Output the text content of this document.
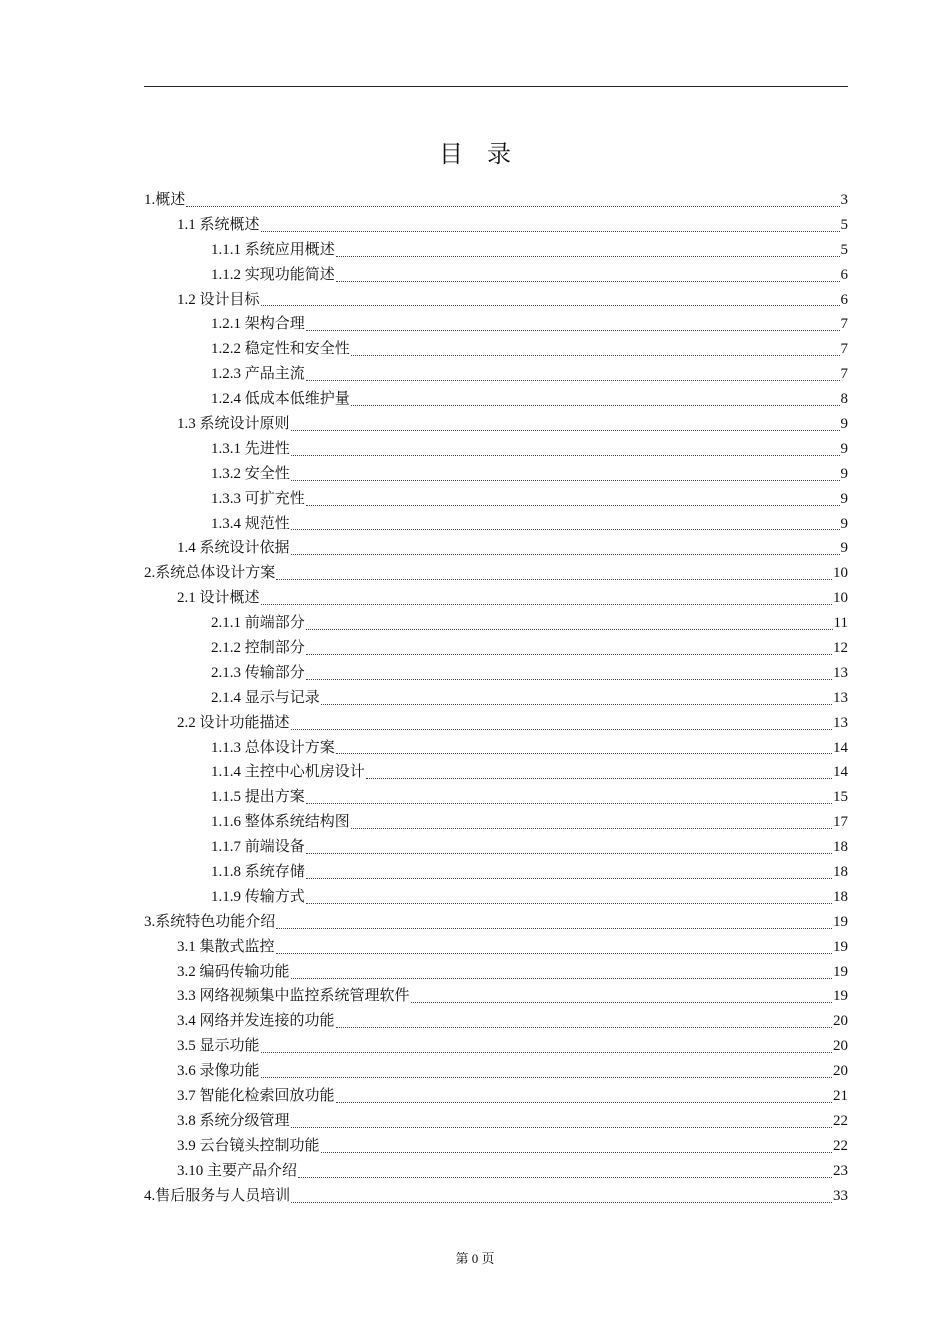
目　录
1.概述	3
1.1 系统概述	5
1.1.1 系统应用概述	5
1.1.2 实现功能简述	6
1.2 设计目标	6
1.2.1 架构合理	7
1.2.2 稳定性和安全性	7
1.2.3 产品主流	7
1.2.4 低成本低维护量	8
1.3 系统设计原则	9
1.3.1 先进性	9
1.3.2 安全性	9
1.3.3 可扩充性	9
1.3.4 规范性	9
1.4 系统设计依据	9
2.系统总体设计方案	10
2.1 设计概述	10
2.1.1 前端部分	11
2.1.2 控制部分	12
2.1.3 传输部分	13
2.1.4 显示与记录	13
2.2 设计功能描述	13
1.1.3 总体设计方案	14
1.1.4 主控中心机房设计	14
1.1.5 提出方案	15
1.1.6 整体系统结构图	17
1.1.7 前端设备	18
1.1.8 系统存储	18
1.1.9 传输方式	18
3.系统特色功能介绍	19
3.1 集散式监控	19
3.2 编码传输功能	19
3.3 网络视频集中监控系统管理软件	19
3.4 网络并发连接的功能	20
3.5 显示功能	20
3.6 录像功能	20
3.7 智能化检索回放功能	21
3.8 系统分级管理	22
3.9 云台镜头控制功能	22
3.10 主要产品介绍	23
4.售后服务与人员培训	33
第 0 页
